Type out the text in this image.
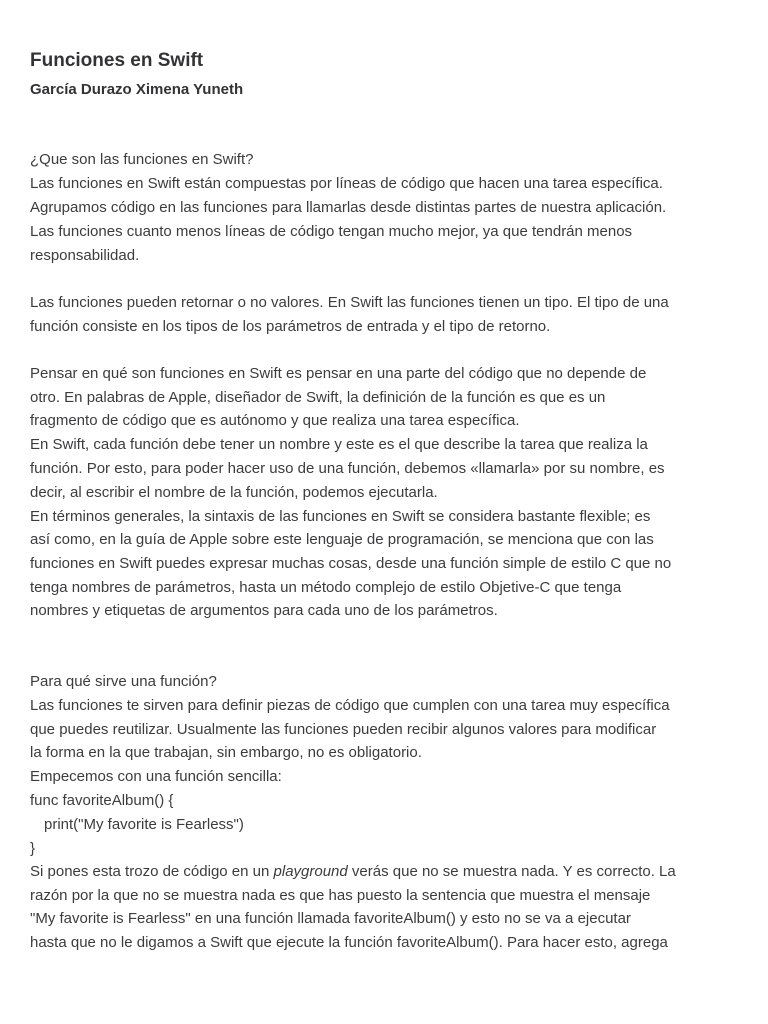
Funciones en Swift
García Durazo Ximena Yuneth
¿Que son las funciones en Swift?
Las funciones en Swift están compuestas por líneas de código que hacen una tarea específica.
Agrupamos código en las funciones para llamarlas desde distintas partes de nuestra aplicación.
Las funciones cuanto menos líneas de código tengan mucho mejor, ya que tendrán menos
responsabilidad.
Las funciones pueden retornar o no valores. En Swift las funciones tienen un tipo. El tipo de una
función consiste en los tipos de los parámetros de entrada y el tipo de retorno.
Pensar en qué son funciones en Swift es pensar en una parte del código que no depende de
otro. En palabras de Apple, diseñador de Swift, la definición de la función es que es un
fragmento de código que es autónomo y que realiza una tarea específica.
En Swift, cada función debe tener un nombre y este es el que describe la tarea que realiza la
función. Por esto, para poder hacer uso de una función, debemos «llamarla» por su nombre, es
decir, al escribir el nombre de la función, podemos ejecutarla.
En términos generales, la sintaxis de las funciones en Swift se considera bastante flexible; es
así como, en la guía de Apple sobre este lenguaje de programación, se menciona que con las
funciones en Swift puedes expresar muchas cosas, desde una función simple de estilo C que no
tenga nombres de parámetros, hasta un método complejo de estilo Objetive-C que tenga
nombres y etiquetas de argumentos para cada uno de los parámetros.
Para qué sirve una función?
Las funciones te sirven para definir piezas de código que cumplen con una tarea muy específica
que puedes reutilizar. Usualmente las funciones pueden recibir algunos valores para modificar
la forma en la que trabajan, sin embargo, no es obligatorio.
Empecemos con una función sencilla:
func favoriteAlbum() {
print("My favorite is Fearless")
}
Si pones esta trozo de código en un playground verás que no se muestra nada. Y es correcto. La
razón por la que no se muestra nada es que has puesto la sentencia que muestra el mensaje
"My favorite is Fearless" en una función llamada favoriteAlbum() y esto no se va a ejecutar
hasta que no le digamos a Swift que ejecute la función favoriteAlbum(). Para hacer esto, agrega
